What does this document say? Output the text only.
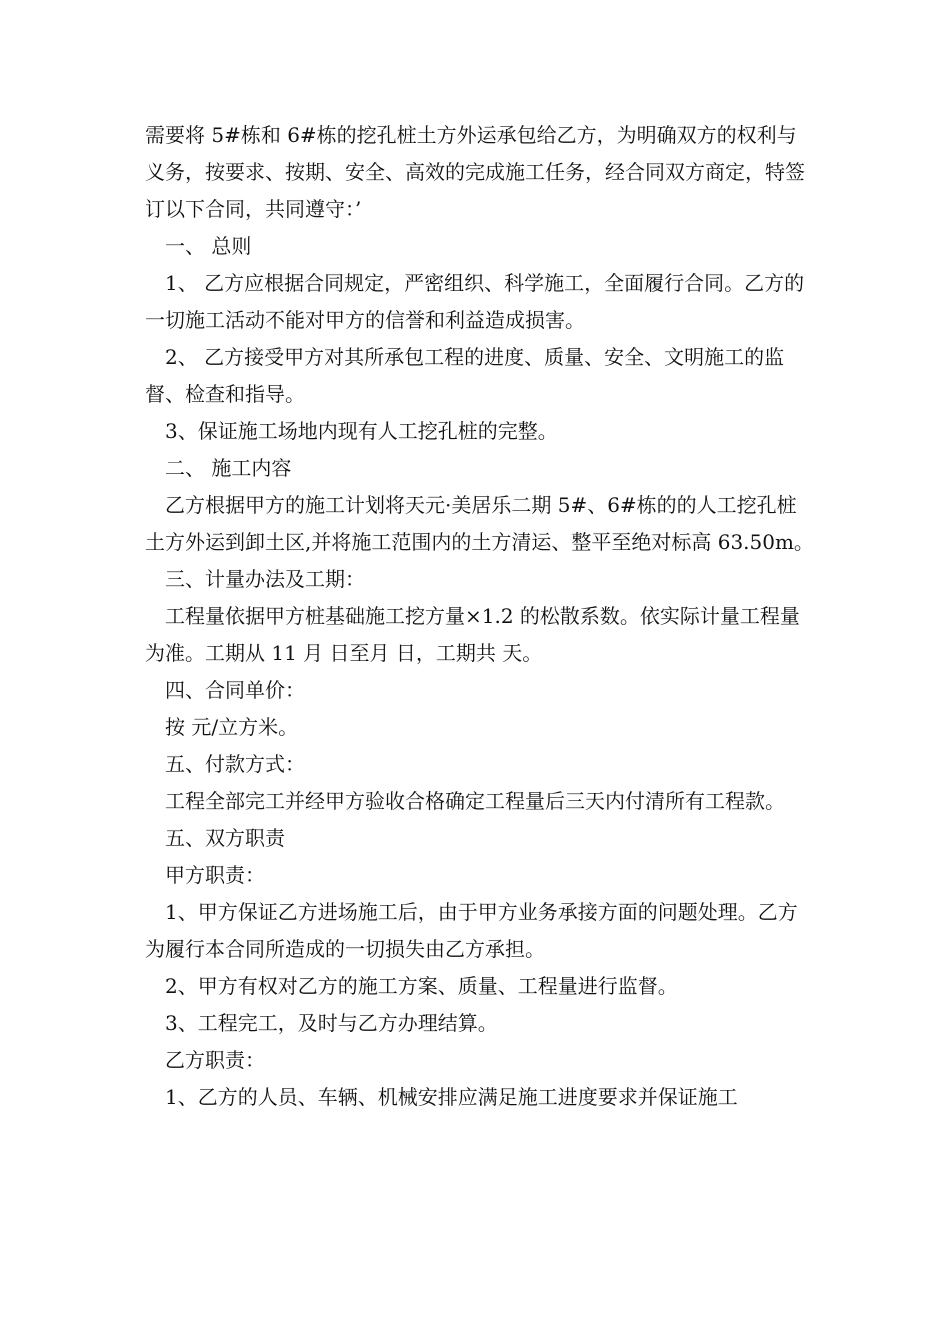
需要将 5#栋和 6#栋的挖孔桩土方外运承包给乙方，为明确双方的权利与义务，按要求、按期、安全、高效的完成施工任务，经合同双方商定，特签订以下合同，共同遵守：’

一、 总则

1、 乙方应根据合同规定，严密组织、科学施工，全面履行合同。乙方的一切施工活动不能对甲方的信誉和利益造成损害。

2、 乙方接受甲方对其所承包工程的进度、质量、安全、文明施工的监督、检查和指导。

3、保证施工场地内现有人工挖孔桩的完整。

二、 施工内容

乙方根据甲方的施工计划将天元·美居乐二期 5#、6#栋的的人工挖孔桩土方外运到卸土区,并将施工范围内的土方清运、整平至绝对标高 63.50m。

三、计量办法及工期：

工程量依据甲方桩基础施工挖方量×1.2 的松散系数。依实际计量工程量为准。工期从 11 月 日至月 日，工期共 天。

四、合同单价：

按 元/立方米。

五、付款方式：

工程全部完工并经甲方验收合格确定工程量后三天内付清所有工程款。

五、双方职责

甲方职责：

1、甲方保证乙方进场施工后，由于甲方业务承接方面的问题处理。乙方为履行本合同所造成的一切损失由乙方承担。

2、甲方有权对乙方的施工方案、质量、工程量进行监督。

3、工程完工，及时与乙方办理结算。

乙方职责：

1、乙方的人员、车辆、机械安排应满足施工进度要求并保证施工
